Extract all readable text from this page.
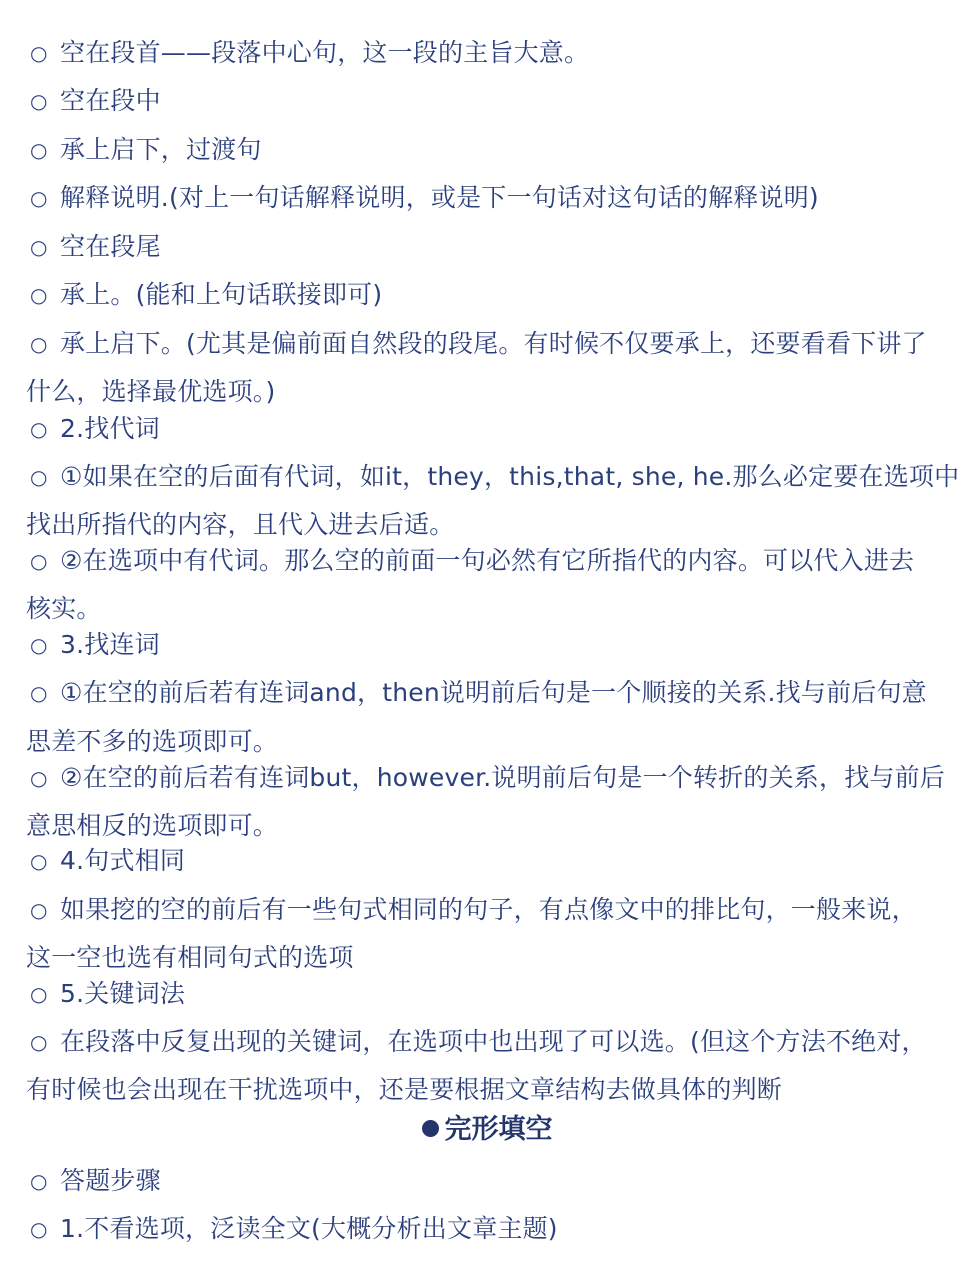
○ 空在段首——段落中心句，这一段的主旨大意。
○ 空在段中
○ 承上启下，过渡句
○ 解释说明.(对上一句话解释说明，或是下一句话对这句话的解释说明)
○ 空在段尾
○ 承上。(能和上句话联接即可)
○ 承上启下。(尤其是偏前面自然段的段尾。有时候不仅要承上，还要看看下讲了
什么，选择最优选项。)
○ 2.找代词
○ ①如果在空的后面有代词，如it，they，this,that, she, he.那么必定要在选项中
找出所指代的内容，且代入进去后适。
○ ②在选项中有代词。那么空的前面一句必然有它所指代的内容。可以代入进去
核实。
○ 3.找连词
○ ①在空的前后若有连词and，then说明前后句是一个顺接的关系.找与前后句意
思差不多的选项即可。
○ ②在空的前后若有连词but，however.说明前后句是一个转折的关系，找与前后
意思相反的选项即可。
○ 4.句式相同
○ 如果挖的空的前后有一些句式相同的句子，有点像文中的排比句，一般来说，
这一空也选有相同句式的选项
○ 5.关键词法
○ 在段落中反复出现的关键词，在选项中也出现了可以选。(但这个方法不绝对，
有时候也会出现在干扰选项中，还是要根据文章结构去做具体的判断
完形填空
○ 答题步骤
○ 1.不看选项，泛读全文(大概分析出文章主题)
